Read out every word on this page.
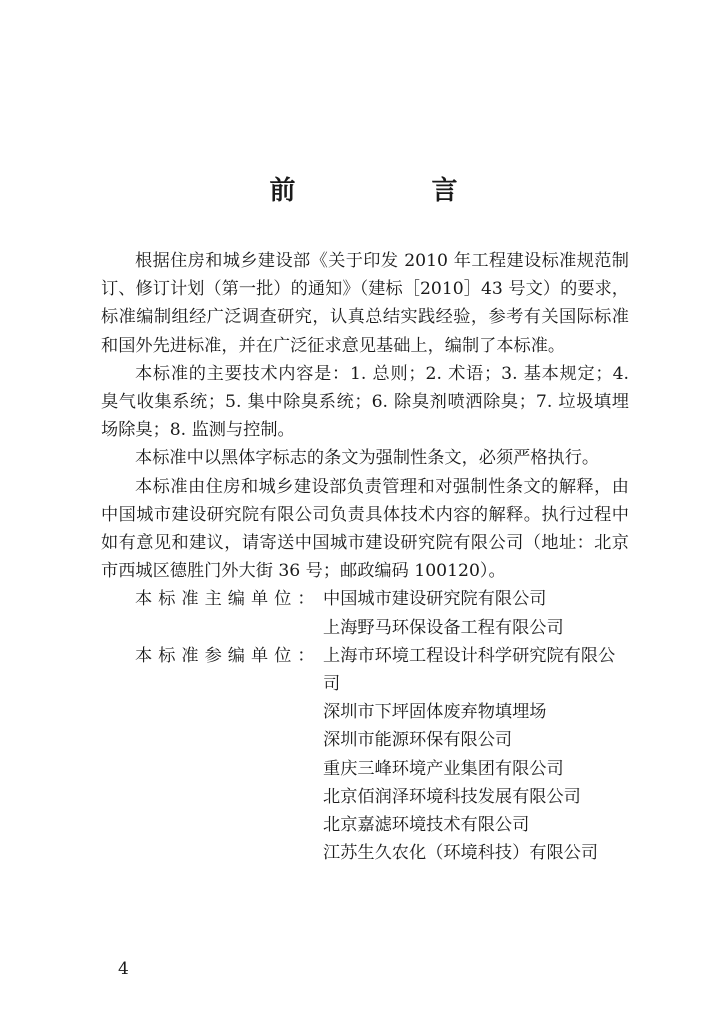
前　言

根据住房和城乡建设部《关于印发 2010 年工程建设标准规范制订、修订计划（第一批）的通知》（建标［2010］43 号文）的要求，标准编制组经广泛调查研究，认真总结实践经验，参考有关国际标准和国外先进标准，并在广泛征求意见基础上，编制了本标准。

本标准的主要技术内容是：1. 总则；2. 术语；3. 基本规定；4. 臭气收集系统；5. 集中除臭系统；6. 除臭剂喷洒除臭；7. 垃圾填埋场除臭；8. 监测与控制。

本标准中以黑体字标志的条文为强制性条文，必须严格执行。

本标准由住房和城乡建设部负责管理和对强制性条文的解释，由中国城市建设研究院有限公司负责具体技术内容的解释。执行过程中如有意见和建议，请寄送中国城市建设研究院有限公司（地址：北京市西城区德胜门外大街 36 号；邮政编码 100120）。

本标准主编单位： 中国城市建设研究院有限公司

上海野马环保设备工程有限公司

本标准参编单位： 上海市环境工程设计科学研究院有限公司

深圳市下坪固体废弃物填埋场

深圳市能源环保有限公司

重庆三峰环境产业集团有限公司

北京佰润泽环境科技发展有限公司

北京嘉滤环境技术有限公司

江苏生久农化（环境科技）有限公司

4
